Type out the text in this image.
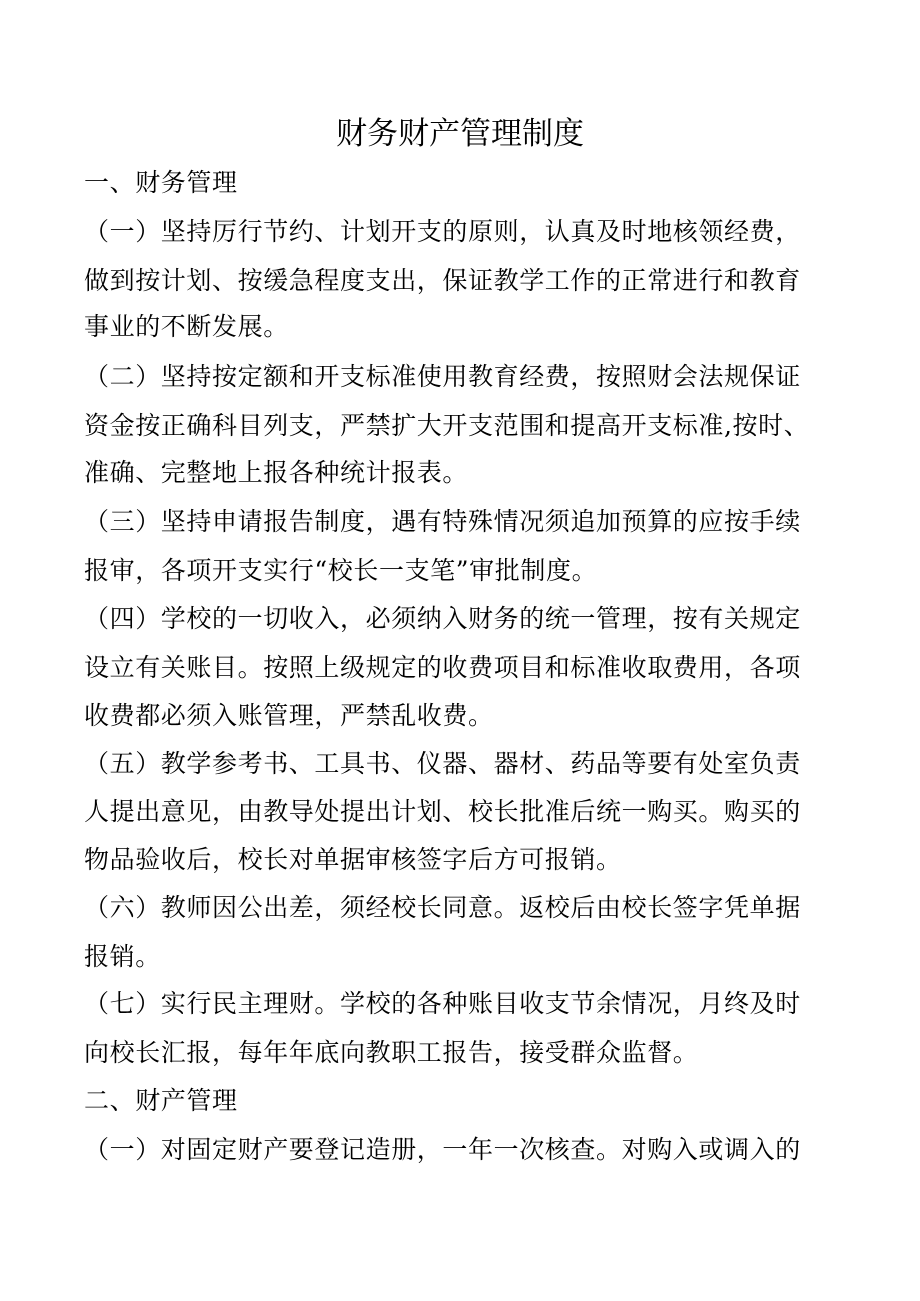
财务财产管理制度
一、财务管理
（一）坚持厉行节约、计划开支的原则，认真及时地核领经费，
做到按计划、按缓急程度支出，保证教学工作的正常进行和教育
事业的不断发展。
（二）坚持按定额和开支标准使用教育经费，按照财会法规保证
资金按正确科目列支，严禁扩大开支范围和提高开支标准,按时、
准确、完整地上报各种统计报表。
（三）坚持申请报告制度，遇有特殊情况须追加预算的应按手续
报审，各项开支实行“校长一支笔”审批制度。
（四）学校的一切收入，必须纳入财务的统一管理，按有关规定
设立有关账目。按照上级规定的收费项目和标准收取费用，各项
收费都必须入账管理，严禁乱收费。
（五）教学参考书、工具书、仪器、器材、药品等要有处室负责
人提出意见，由教导处提出计划、校长批准后统一购买。购买的
物品验收后，校长对单据审核签字后方可报销。
（六）教师因公出差，须经校长同意。返校后由校长签字凭单据
报销。
（七）实行民主理财。学校的各种账目收支节余情况，月终及时
向校长汇报，每年年底向教职工报告，接受群众监督。
二、财产管理
（一）对固定财产要登记造册，一年一次核查。对购入或调入的
